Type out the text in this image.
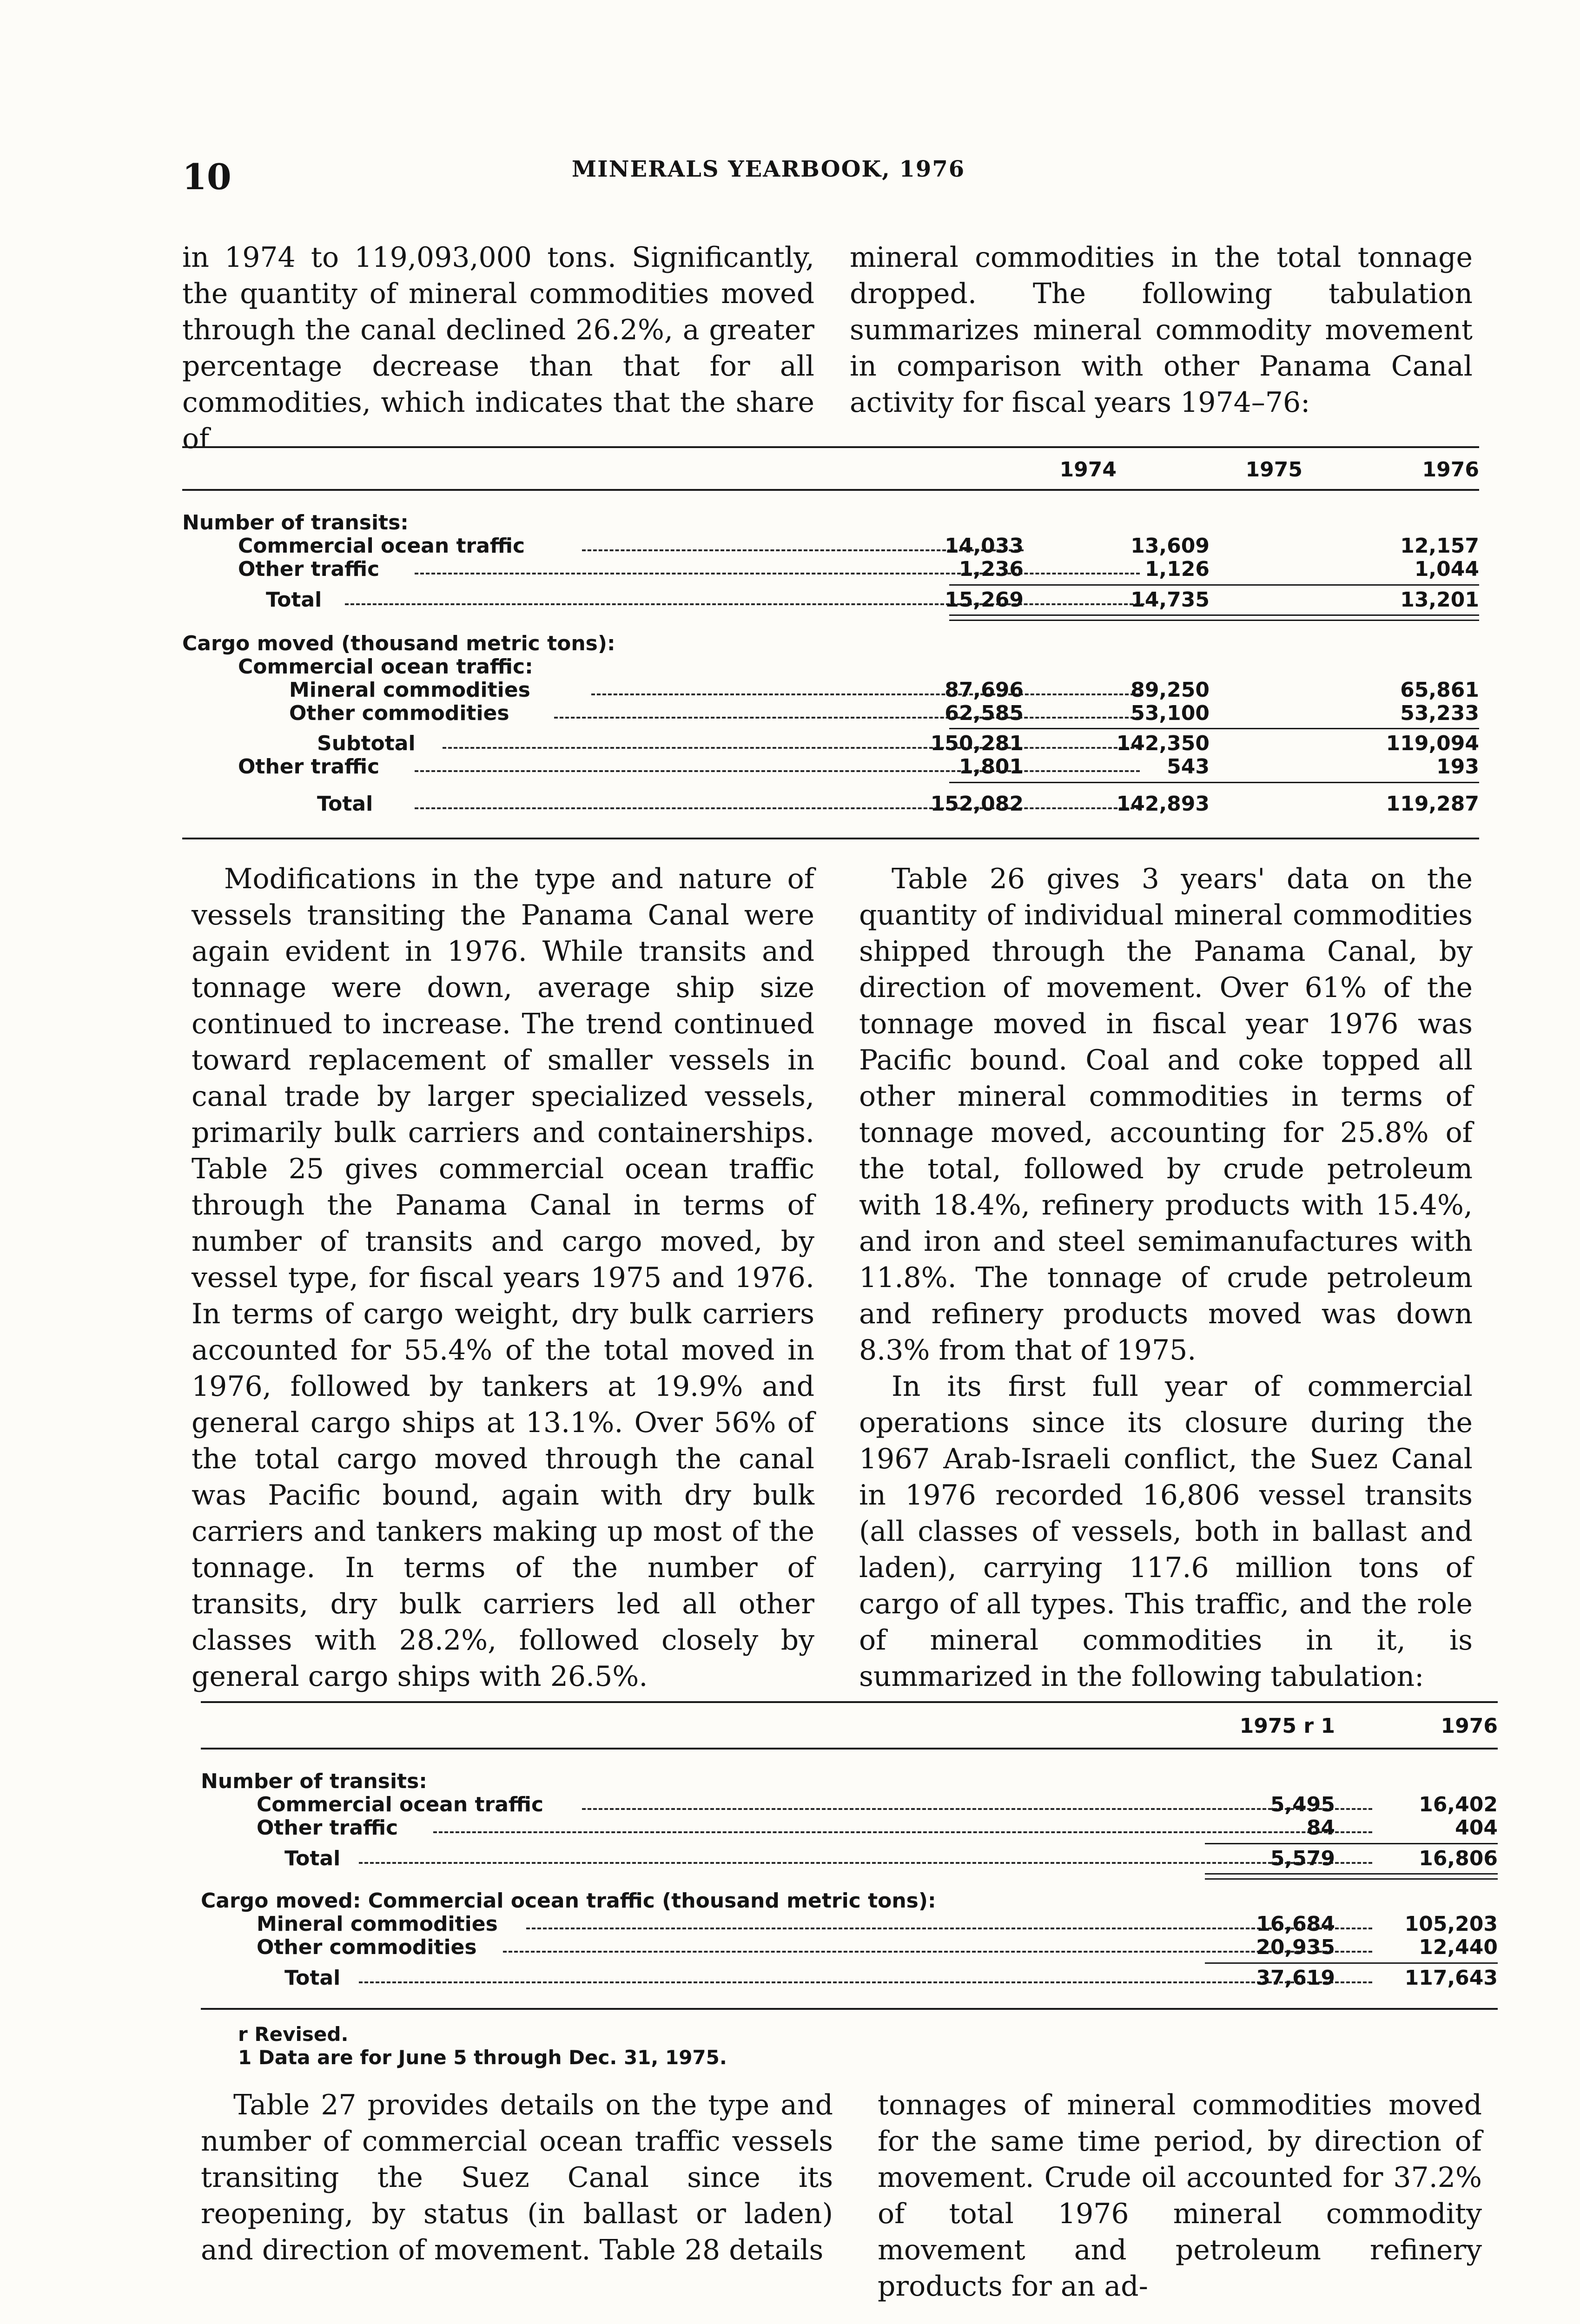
10	MINERALS YEARBOOK, 1976

in 1974 to 119,093,000 tons. Significantly, the quantity of mineral commodities moved through the canal declined 26.2%, a greater percentage decrease than that for all commodities, which indicates that the share of

mineral commodities in the total tonnage dropped. The following tabulation summarizes mineral commodity movement in comparison with other Panama Canal activity for fiscal years 1974–76:

1974	1975	1976
Number of transits:
Commercial ocean traffic	14,033	13,609	12,157
Other traffic	1,236	1,126	1,044
Total	15,269	14,735	13,201
Cargo moved (thousand metric tons):
Commercial ocean traffic:
Mineral commodities	87,696	89,250	65,861
Other commodities	62,585	53,100	53,233
Subtotal	150,281	142,350	119,094
Other traffic	1,801	543	193
Total	152,082	142,893	119,287

Modifications in the type and nature of vessels transiting the Panama Canal were again evident in 1976. While transits and tonnage were down, average ship size continued to increase. The trend continued toward replacement of smaller vessels in canal trade by larger specialized vessels, primarily bulk carriers and containerships. Table 25 gives commercial ocean traffic through the Panama Canal in terms of number of transits and cargo moved, by vessel type, for fiscal years 1975 and 1976. In terms of cargo weight, dry bulk carriers accounted for 55.4% of the total moved in 1976, followed by tankers at 19.9% and general cargo ships at 13.1%. Over 56% of the total cargo moved through the canal was Pacific bound, again with dry bulk carriers and tankers making up most of the tonnage. In terms of the number of transits, dry bulk carriers led all other classes with 28.2%, followed closely by general cargo ships with 26.5%.

Table 26 gives 3 years' data on the quantity of individual mineral commodities shipped through the Panama Canal, by direction of movement. Over 61% of the tonnage moved in fiscal year 1976 was Pacific bound. Coal and coke topped all other mineral commodities in terms of tonnage moved, accounting for 25.8% of the total, followed by crude petroleum with 18.4%, refinery products with 15.4%, and iron and steel semimanufactures with 11.8%. The tonnage of crude petroleum and refinery products moved was down 8.3% from that of 1975.

In its first full year of commercial operations since its closure during the 1967 Arab-Israeli conflict, the Suez Canal in 1976 recorded 16,806 vessel transits (all classes of vessels, both in ballast and laden), carrying 117.6 million tons of cargo of all types. This traffic, and the role of mineral commodities in it, is summarized in the following tabulation:

1975 r 1	1976
Number of transits:
Commercial ocean traffic	5,495	16,402
Other traffic	84	404
Total	5,579	16,806
Cargo moved: Commercial ocean traffic (thousand metric tons):
Mineral commodities	16,684	105,203
Other commodities	20,935	12,440
Total	37,619	117,643
r Revised.
1 Data are for June 5 through Dec. 31, 1975.

Table 27 provides details on the type and number of commercial ocean traffic vessels transiting the Suez Canal since its reopening, by status (in ballast or laden) and direction of movement. Table 28 details

tonnages of mineral commodities moved for the same time period, by direction of movement. Crude oil accounted for 37.2% of total 1976 mineral commodity movement and petroleum refinery products for an ad-
